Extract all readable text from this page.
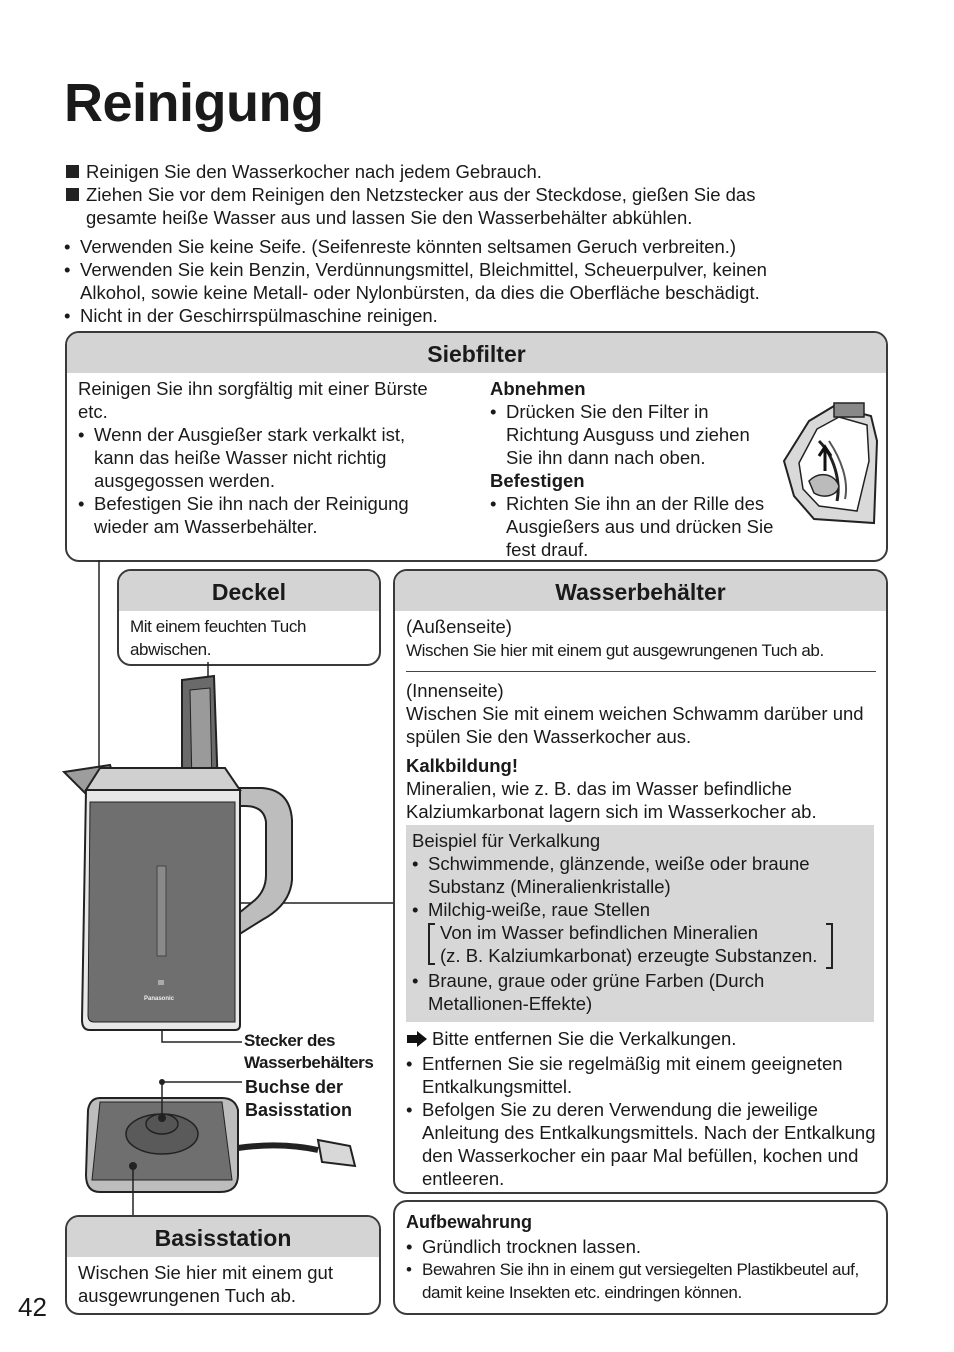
Reinigung
Reinigen Sie den Wasserkocher nach jedem Gebrauch.
Ziehen Sie vor dem Reinigen den Netzstecker aus der Steckdose, gießen Sie das
gesamte heiße Wasser aus und lassen Sie den Wasserbehälter abkühlen.
• Verwenden Sie keine Seife. (Seifenreste könnten seltsamen Geruch verbreiten.)
• Verwenden Sie kein Benzin, Verdünnungsmittel, Bleichmittel, Scheuerpulver, keinen
Alkohol, sowie keine Metall- oder Nylonbürsten, da dies die Oberfläche beschädigt.
• Nicht in der Geschirrspülmaschine reinigen.
Siebfilter
Reinigen Sie ihn sorgfältig mit einer Bürste etc.
• Wenn der Ausgießer stark verkalkt ist, kann das heiße Wasser nicht richtig ausgegossen werden.
• Befestigen Sie ihn nach der Reinigung wieder am Wasserbehälter.
Abnehmen
• Drücken Sie den Filter in Richtung Ausguss und ziehen Sie ihn dann nach oben.
Befestigen
• Richten Sie ihn an der Rille des Ausgießers aus und drücken Sie fest drauf.
Deckel
Mit einem feuchten Tuch abwischen.
Wasserbehälter
(Außenseite)
Wischen Sie hier mit einem gut ausgewrungenen Tuch ab.
(Innenseite)
Wischen Sie mit einem weichen Schwamm darüber und spülen Sie den Wasserkocher aus.
Kalkbildung!
Mineralien, wie z. B. das im Wasser befindliche Kalziumkarbonat lagern sich im Wasserkocher ab.
Beispiel für Verkalkung
• Schwimmende, glänzende, weiße oder braune Substanz (Mineralienkristalle)
• Milchig-weiße, raue Stellen
Von im Wasser befindlichen Mineralien
(z. B. Kalziumkarbonat) erzeugte Substanzen.
• Braune, graue oder grüne Farben (Durch Metallionen-Effekte)
Bitte entfernen Sie die Verkalkungen.
• Entfernen Sie sie regelmäßig mit einem geeigneten Entkalkungsmittel.
• Befolgen Sie zu deren Verwendung die jeweilige Anleitung des Entkalkungsmittels. Nach der Entkalkung den Wasserkocher ein paar Mal befüllen, kochen und entleeren.
Panasonic
Stecker des
Wasserbehälters
Buchse der
Basisstation
Basisstation
Wischen Sie hier mit einem gut ausgewrungenen Tuch ab.
Aufbewahrung
• Gründlich trocknen lassen.
• Bewahren Sie ihn in einem gut versiegelten Plastikbeutel auf, damit keine Insekten etc. eindringen können.
42
